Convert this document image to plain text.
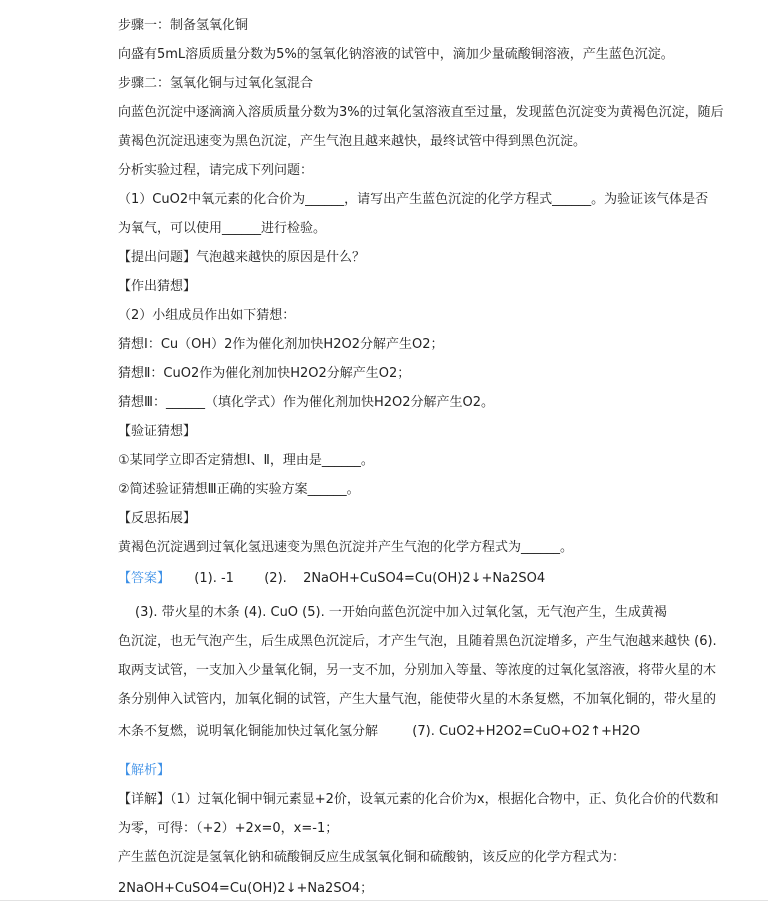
步骤一：制备氢氧化铜
向盛有5mL溶质质量分数为5%的氢氧化钠溶液的试管中，滴加少量硫酸铜溶液，产生蓝色沉淀。
步骤二：氢氧化铜与过氧化氢混合
向蓝色沉淀中逐滴滴入溶质质量分数为3%的过氧化氢溶液直至过量，发现蓝色沉淀变为黄褐色沉淀，随后
黄褐色沉淀迅速变为黑色沉淀，产生气泡且越来越快，最终试管中得到黑色沉淀。
分析实验过程，请完成下列问题：
（1）CuO2中氧元素的化合价为______，请写出产生蓝色沉淀的化学方程式______。为验证该气体是否
为氧气，可以使用______进行检验。
【提出问题】气泡越来越快的原因是什么？
【作出猜想】
（2）小组成员作出如下猜想：
猜想Ⅰ：Cu（OH）2作为催化剂加快H2O2分解产生O2；
猜想Ⅱ：CuO2作为催化剂加快H2O2分解产生O2；
猜想Ⅲ：______（填化学式）作为催化剂加快H2O2分解产生O2。
【验证猜想】
①某同学立即否定猜想Ⅰ、Ⅱ，理由是______。
②简述验证猜想Ⅲ正确的实验方案______。
【反思拓展】
黄褐色沉淀遇到过氧化氢迅速变为黑色沉淀并产生气泡的化学方程式为______。
【答案】 (1). -1 (2). 2NaOH+CuSO4=Cu(OH)2↓+Na2SO4
(3). 带火星的木条 (4). CuO (5). 一开始向蓝色沉淀中加入过氧化氢，无气泡产生，生成黄褐
色沉淀，也无气泡产生，后生成黑色沉淀后，才产生气泡，且随着黑色沉淀增多，产生气泡越来越快 (6).
取两支试管，一支加入少量氧化铜，另一支不加，分别加入等量、等浓度的过氧化氢溶液，将带火星的木
条分别伸入试管内，加氧化铜的试管，产生大量气泡，能使带火星的木条复燃，不加氧化铜的，带火星的
木条不复燃，说明氧化铜能加快过氧化氢分解	(7). CuO2+H2O2=CuO+O2↑+H2O
【解析】
【详解】（1）过氧化铜中铜元素显+2价，设氧元素的化合价为x，根据化合物中，正、负化合价的代数和
为零，可得：（+2）+2x=0，x=-1；
产生蓝色沉淀是氢氧化钠和硫酸铜反应生成氢氧化铜和硫酸钠，该反应的化学方程式为：
2NaOH+CuSO4=Cu(OH)2↓+Na2SO4；
